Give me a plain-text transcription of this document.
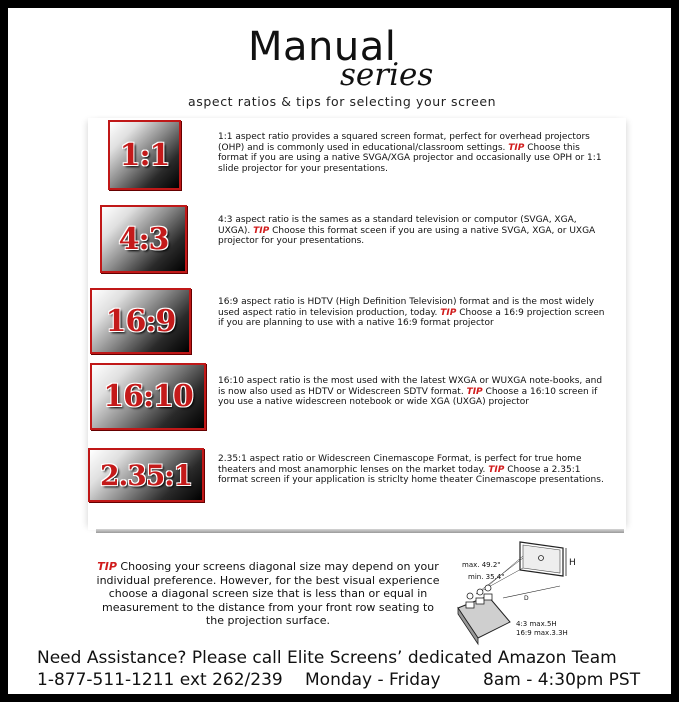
Manual
series
aspect ratios & tips for selecting your screen
1:1
1:1 aspect ratio provides a squared screen format, perfect for overhead projectors (OHP) and is commonly used in educational/classroom settings. TIP Choose this format if you are using a native SVGA/XGA projector and occasionally use OPH or 1:1 slide projector for your presentations.
4:3
4:3 aspect ratio is the sames as a standard television or computor (SVGA, XGA, UXGA). TIP Choose this format sceen if you are using a native SVGA, XGA, or UXGA projector for your presentations.
16:9
16:9 aspect ratio is HDTV (High Definition Television) format and is the most widely used aspect ratio in television production, today. TIP Choose a 16:9 projection screen if you are planning to use with a native 16:9 format projector
16:10	16:10 aspect ratio is the most used with the latest WXGA or WUXGA note-books, and is now also used as HDTV or Widescreen SDTV format. TIP Choose a 16:10 screen if you use a native widescreen notebook or wide XGA (UXGA) projector
2.35:1	2.35:1 aspect ratio or Widescreen Cinemascope Format, is perfect for true home theaters and most anamorphic lenses on the market today. TIP Choose a 2.35:1 format screen if your application is striclty home theater Cinemascope presentations.
TIP Choosing your screens diagonal size may depend on your individual preference. However, for the best visual experience choose a diagonal screen size that is less than or equal in measurement to the distance from your front row seating to the projection surface.
H
max. 49.2"
min. 35.4"
D
4:3 max.5H
16:9 max.3.3H
Need Assistance? Please call Elite Screens’ dedicated Amazon Team
1-877-511-1211 ext 262/239	Monday - Friday	8am - 4:30pm PST
